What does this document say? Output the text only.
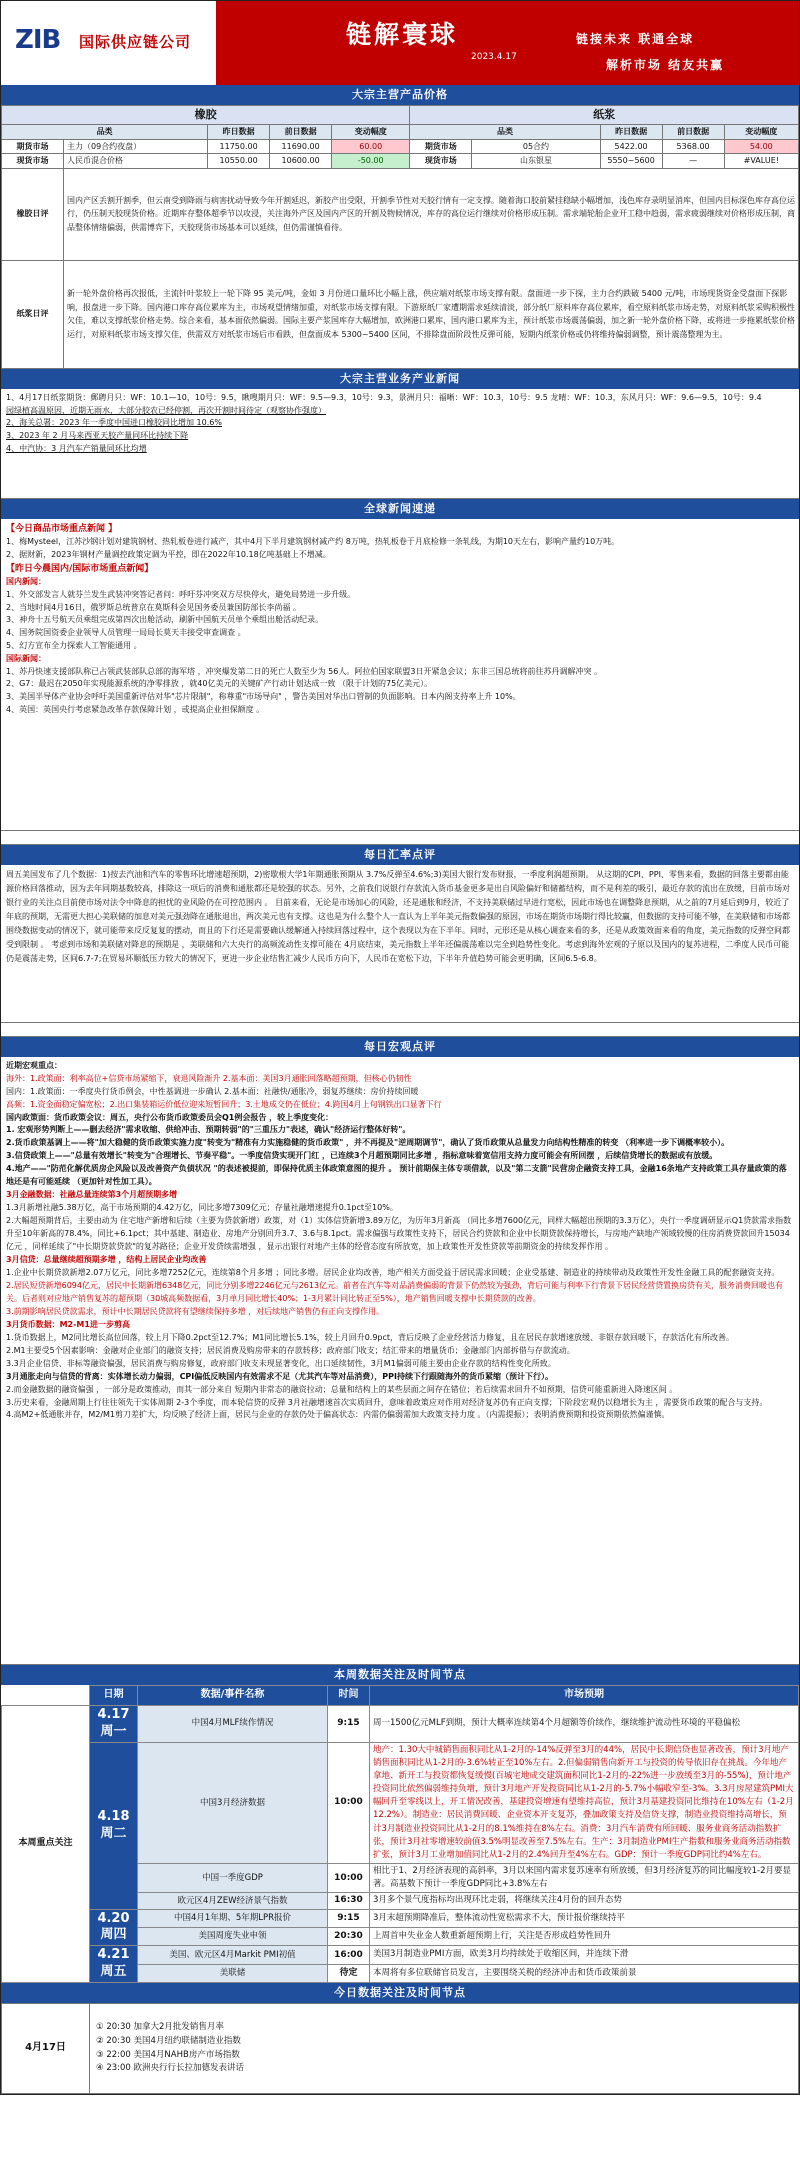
ZIB	国际供应链公司	链解寰球
2023.4.17
链接未来 联通全球
解析市场 结友共赢
大宗主营产品价格
橡胶					纸浆				
品类		昨日数据	前日数据	变动幅度	品类		昨日数据	前日数据	变动幅度
期货市场	主力（09合约夜盘）	11750.00	11690.00	60.00	期货市场	05合约	5422.00	5368.00	54.00
现货市场	人民币混合价格	10550.00	10600.00	-50.00	现货市场	山东银星	5550~5600	—	#VALUE!
橡胶日评	国内产区丢割开割季，但云南受到降雨与病害扰动导致今年开割延迟，新胶产出受限，开割季节性对天胶行情有一定支撑。随着海口胶前紧挂稳缺小幅增加，浅色库存录明显消库，但国内目标深色库存高位运行，仍压制天胶现货价格。近期库存整体超季节以攻浸，关注海外产区及国内产区的开割及物候情况，库存的高位运行继续对价格形成压制。需求端轮胎企业开工稳中趋弱，需求疲弱继续对价格形成压制，商品整体情绪偏弱，供需博弈下，天胶现货市场基本可以延续，但仍需谨慎看待。								
纸浆日评	新一轮外盘价格再次报低，主流针叶浆较上一轮下降 95 美元/吨，金如 3 月份进口量环比小幅上涨，供应端对纸浆市场支撑有限。盘面进一步下探，主力合约跌破 5400 元/吨，市场现货资金受盘面下探影响，报盘进一步下降。国内港口库存高位累库为主，市场观望情绪加重，对纸浆市场支撑有限。下游原纸厂家遭期需求延续清淡，部分纸厂原料库存高位累库，看空原料纸浆市场走势，对原料纸浆采购积极性欠佳，难以支撑纸浆价格走势。综合来看，基本面依然偏弱。国际主要产浆国库存大幅增加，欧洲港口累库，国内港口累库为主，预计纸浆市场震荡偏弱，加之新一轮外盘价格下降，或将进一步拖累纸浆价格运行，对原料纸浆市场支撑欠佳，供需双方对纸浆市场后市看跌，但盘面成本 5300~5400 区间，不排除盘面阶段性反弹可能，短期内纸浆价格或仍将维持偏弱调整，预计震荡整理为主。								
大宗主营业务产业新闻

1、4月17日纸浆期货：郵聘月只：WF：10.1—10，10号：9.5，瞅嗖期月只：WF：9.5—9.3，10号：9.3，景洲月只：福晰：WF：10.3，10号：9.5 龙晴：WF：10.3，东风月只：WF：9.6—9.5，10号：9.4

园绿植高温原因，近期无雨水，大部分胶农已经停割，再次开割时间待定（观察协作强度）

2、海关总署：2023 年一季度中国进口橡胶同比增加 10.6%

3、2023 年 2 月马来西亚天胶产量同环比持续下降

4、中汽协：3 月汽车产销量同环比均增

全球新闻速递

【今日商品市场重点新闻 】

1、梅Mysteel，江苏沙钢计划对建筑钢材、热轧板卷进行减产，其中4月下半月建筑钢材减产约 8万吨，热轧板卷于月底检修一条轧线，为期10天左右，影响产量约10万吨。

2、据财新，2023年钢材产量调控政策定调为平控，即在2022年10.18亿吨基础上不增减。

【昨日今晨国内/国际市场重点新闻】

国内新闻：

1、外交部发言人就芬兰发生武装冲突答记者问：呼吁芬冲突双方尽快停火，避免局势进一步升级。

2、当地时间4月16日，俄罗斯总统普京在莫斯科会见国务委员兼国防部长李尚福 。

3、神舟十五号航天员乘组完成第四次出舱活动，刷新中国航天员单个乘组出舱活动纪录。

4、国务院国资委企业领导人员管理一局局长莫天丰接受审查调查 。

5、幻方宣布全力探索人工智能通用 。

国际新闻：

1、苏丹快速支援部队称已占领武装部队总部的海军塔 ，冲突爆发第二日的死亡人数至少为 56人。阿拉伯国家联盟3日开紧急会议；东非三国总统将前往苏丹调解冲突 。

2、G7：最迟在2050年实现能源系统的净零排放 ，就40亿美元的关键矿产行动计划达成一致 （限于计划的75亿美元）。

3、美国半导体产业协会呼吁美国重新评估对华"芯片限制"，称尊重"市场导向" ，警告美国对华出口管制的负面影响。日本内阁支持率上升 10%。

4、英国：英国央行考虑紧急改革存款保障计划 ，或提高企业担保额度 。

每日汇率点评
周五美国发布了几个数据：1)按去汽油和汽车的零售环比增速超预期，2)密歇根大学1年期通胀预期从 3.7%反弹至4.6%;3)美国大银行发布财报，一季度利润超预期。 从这期的CPI、PPI、零售来看，数据的回落主要都由能源价格回落推动，因为去年同期基数较高，排除这一项后的消费和通胀都还是较强的状态。另外，之前我们说银行存款流入货币基金更多是出自风险偏好和储蓄结构，而不是利差的吸引，最近存款的流出在放缓，目前市场对银行业的关注点目前使市场对法令中降息的担忧的业风险仍在可控范围内 。 目前来看，无论是市场加心的风险，还是通胀和经济，不支持美联储过早进行宽松，因此市场也在调整降息预期，从之前的7月延后到9月，较近了年底的预期，无需更大担心美联储的加息对美元强劲降在通胀退出，两次美元也有支撑。这也是为什么整个人一直认为上半年美元指数偏强的原因，市场在期货市场期行得比较赢，但数据的支持可能不够，在美联储和市场都围绕数据变动的情况下，就可能带来反反复复的摆动，而且的下行还是需要确认缓解通入持续回落过程中，这个表现以为在下半年。同时，元形还是从核心调查来看的多，还是从政策效面来看的角度，美元指数的反弹空间都受到限制 。 考虑到市场和美联储对降息的预期是 ，美联储和六大央行的高频流动性支撑可能在 4月底结束，美元指数上半年还偏震荡难以完全到趋势性变化。考虑到海外宏观的子原以及国内的复苏进程，二季度人民币可能仍是震荡走势，区间6.7-7;在贸易环顺低压力较大的情况下，更进一步企业结售汇减少人民币方向下，人民币在宽松下边，下半年升值趋势可能会更明确，区间6.5-6.8。
每日宏观点评

近期宏观重点：

海外：1.政策面：利率高位+信贷市场紧缩下，衰退风险渐升 2.基本面：美国3月通胀回落略超预期，但核心仍韧性

国内：1.政策面：一季度央行货币例会，中性基调进一步确认 2.基本面：社融快/通胀冷，弱复苏继续：房价持续回暖

高频：1.资金面稳定偏宽松；2.出口集装箱运价低位迎来短暂回升；3.土地成交仍在低位；4.跨国4月上旬钢铁出口显著下行

国内政策面：货币政策会议：周五，央行公布货币政策委员会Q1例会报告 ，较上季度变化：

1. 宏观形势判断上——删去经济"需求收缩、供给冲击、预期转弱"的"三重压力"表述，确认"经济运行整体好转"。

2.货币政策基调上——将"加大稳健的货币政策实施力度"转变为"精准有力实施稳健的货币政策" ，并不再提及"逆周期调节"，确认了货币政策从总量发力向结构性精准的转变 （利率进一步下调概率较小）。

3.信贷政策上——"总量有效增长"转变为"合理增长、节奏平稳"。一季度信贷实现开门红 ，已连续3个月超预期同比多增 ，指标意味着宽信用支持力度可能会有所回摆 ，后续信贷增长的数据或有放缓。

4.地产——"防范化解优质房企风险以及改善资产负债状况 "的表述被提前，即保持优质主体政策意图的提升 。 预计前期保主体专项借款，以及"第二支箭"民营房企融资支持工具，金融16条地产支持政策工具存量政策的落地还是有可能延续 （更加针对性加工具）。

3月金融数据：社融总量连续第3个月超预期多增

1.3月新增社融5.38万亿，高于市场预期的4.42万亿，同比多增7309亿元；存量社融增速提升0.1pct至10%。

2.大幅超预期背后，主要由动为 住宅地产新增和后续（主要为贷款新增）政策，对（1）实体信贷新增3.89万亿，为历年3月新高 （同比多增7600亿元，同样大幅超出预期的3.3万亿），央行一季度调研显示Q1贷款需求指数升至10年新高的78.4%，同比+6.1pct；其中基建、制造业、房地产分别回升3.7、3.6与8.1pct。需求偏强与政策性支持下，居民合约贷款和企业中长期贷款保持增长，与房地产缺地产领域较慢的住房消费贷款回升15034亿元 ，同样延续了"中长期贷款贷款"的复苏路径；企业开发贷续需增强 ，显示出银行对地产主体的经营态度有所放宽，加上政策性开发性贷款等前期资金的持续发挥作用 。

3月信贷：总量继续超预期多增 ，结构上居民企业均改善

1.企业中长期贷款新增2.07万亿元，同比多增7252亿元，连续第8个月多增 ；同比多增。居民企业均改善，地产相关方面受益于居民需求回暖；企业受基建、制造业的持续带动及政策性开发性金融工具的配套融资支持。

2.居民短贷新增6094亿元，居民中长期新增6348亿元，同比分别多增2246亿元与2613亿元。前者在汽车等对品消费偏弱的背景下仍然较为强劲，背后可能与利率下行背景下居民经营贷置换房贷有关，服务消费回暖也有关。后者则对应地产销售复苏的超预期（30城高频数据看，3月单月同比增长40%；1-3月累计同比转正至5%），地产销售回暖支撑中长期贷款的改善。

3.前期影响居民贷款需求，预计中长期居民贷款将有望继续保持多增 ，对后续地产销售仍有正向支撑作用。

3月货币数据：M2-M1进一步剪高

1.货币数据上，M2同比增长高位回落，较上月下降0.2pct至12.7%；M1同比增长5.1%，较上月回升0.9pct，背后反映了企业经营活力修复，且在居民存款增速放缓、非银存款回暖下，存款活化有所改善。

2.M1主要受5个因素影响：金融对企业部门的融资支持；居民消费及购房带来的存款转移；政府部门收支；结汇带来的增量货币；金融部门内部拆借与存款流动。

3.3月企业信贷、非标等融资偏强，居民消费与购房修复，政府部门收支未现显著变化，出口延续韧性，3月M1偏弱可能主要由企业存款的结构性变化所致。

3月通胀走向与信贷的背离：实体增长动力偏弱，CPI偏低反映国内有效需求不足（尤其汽车等对品消费），PPI持续下行跟随海外的货币紧缩（预计下行）。

2.而金融数据的融资偏强 ，一部分是政策推动，而其一部分来自 短期内非常态的融资拉动；总量和结构上的某些层面之间存在错位；若后续需求回升不如预期，信贷可能重新进入降速区间 。

3.历史来看，金融周期上行往往领先于实体周期 2-3个季度，而本轮信贷的反弹 3月社融增速首次实质回升，意味着政策应对作用对经济复苏仍有正向支撑；下阶段宏观仍以稳增长为主 ，需要货币政策的配合与支持。

4.高M2+低通胀并存，M2/M1剪刀差扩大，均反映了经济上面，居民与企业的存款仍处于偏高状态：内需仍偏弱需加大政策支持力度 。（内需提振）；表明消费预期和投资预期依然偏谨慎。

本周数据关注及时间节点
	日期	数据/事件名称	时间	市场预期
本周重点关注	4.17
周一	中国4月MLF续作情况	9:15	周一1500亿元MLF到期，预计大概率连续第4个月超额等价续作，继续维护流动性环境的平稳偏松

	4.18
周二	中国3月经济数据	10:00	地产：1.30大中城销售面积同比从1-2月的-14%反弹至3月的44%，居民中长期信贷也显著改善，预计3月地产销售面积同比从1-2月的-3.6%转正至10%左右。2.但偏弱销售向新开工与投资的传导依旧存在挑战。今年地产拿地、新开工与投资都恢复缓慢(百城宅地成交建筑面积同比1-2月的-22%进一步放缓至3月的-55%)，预计地产投资同比依然偏弱维持负增，预计3月地产开发投资同比从1-2月的-5.7%小幅收窄至-3%。3.3月房屋建筑PMI大幅回升至零线以上，开工情况改善，基建投资增速有望维持高位，预计3月基建投资同比维持在10%左右（1-2月12.2%）。制造业：居民消费回暖、企业资本开支复苏，叠加政策支持及信贷支撑，制造业投资维持高增长，预计3月制造业投资同比从1-2月的8.1%维持在8%左右。消费：3月汽车消费有所回暖、服务业商务活动指数扩张，预计3月社零增速较前值3.5%明显改善至7.5%左右。生产：3月制造业PMI生产指数和服务业商务活动指数扩张，预计3月工业增加值同比从1-2月的2.4%回升至4%左右。GDP：预计一季度GDP同比约4%左右。
		中国一季度GDP	10:00	相比于1、2月经济表现的高斜率，3月以来国内需求复苏速率有所放缓，但3月经济复苏的同比幅度较1-2月要显著。高基数下预计一季度GDP同比+3.8%左右
		欧元区4月ZEW经济景气指数	16:30	3月多个景气度指标均出现环比走弱，将继续关注4月份的回升态势

	4.20
周四	中国4月1年期、5年期LPR报价	9:15	3月末超预期降准后，整体流动性宽松需求不大，预计报价继续持平
		美国周度失业申领	20:30	上周首申失业金人数重新超预期上行，关注是否形成趋势性回升

	4.21
周五	美国、欧元区4月Markit PMI初值	16:00	美国3月制造业PMI方面，欧美3月均持续处于收缩区间，并连续下滑
		美联储	待定	本周将有多位联储官员发言，主要围绕关税的经济冲击和货币政策前景
今日数据关注及时间节点
4月17日	

① 20:30 加拿大2月批发销售月率

② 20:30 美国4月纽约联储制造业指数

③ 22:00 美国4月NAHB房产市场指数

④ 23:00 欧洲央行行长拉加德发表讲话
